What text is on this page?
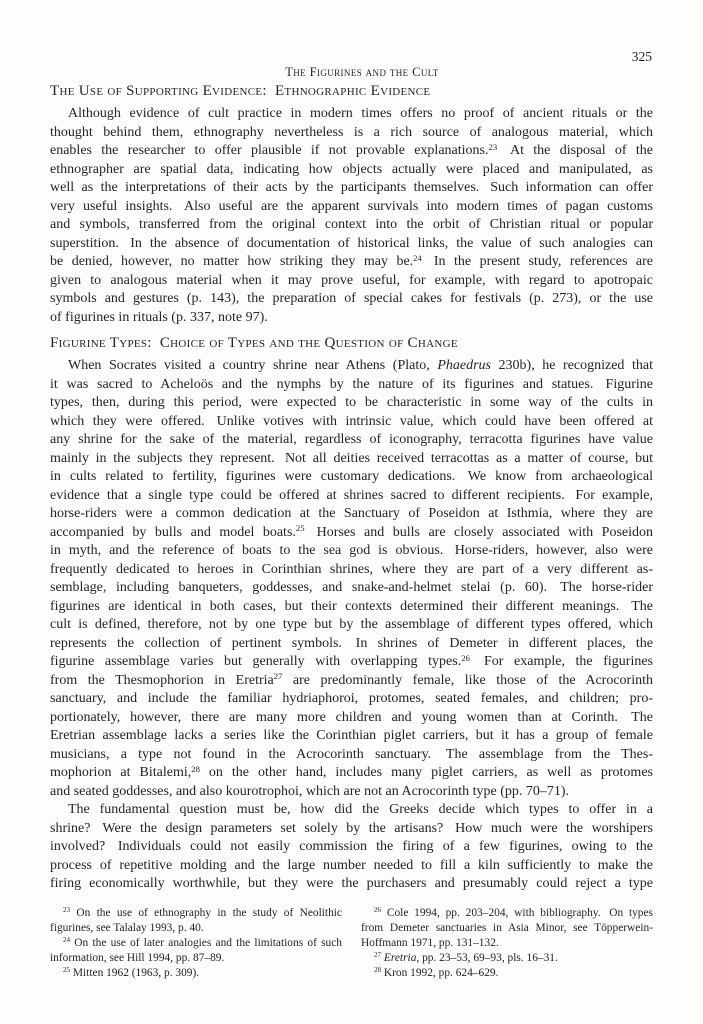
The Figurines and the Cult

325

The Use of Supporting Evidence:  Ethnographic Evidence
Although evidence of cult practice in modern times offers no proof of ancient rituals or the
thought behind them, ethnography nevertheless is a rich source of analogous material, which
enables the researcher to offer plausible if not provable explanations.$^{23}$  At the disposal of the
ethnographer are spatial data, indicating how objects actually were placed and manipulated, as
well as the interpretations of their acts by the participants themselves.  Such information can offer
very useful insights.  Also useful are the apparent survivals into modern times of pagan customs
and symbols, transferred from the original context into the orbit of Christian ritual or popular
superstition.  In the absence of documentation of historical links, the value of such analogies can
be denied, however, no matter how striking they may be.$^{24}$  In the present study, references are
given to analogous material when it may prove useful, for example, with regard to apotropaic
symbols and gestures (p. 143), the preparation of special cakes for festivals (p. 273), or the use
of figurines in rituals (p. 337, note 97).
Figurine Types:  Choice of Types and the Question of Change
When Socrates visited a country shrine near Athens (Plato, Phaedrus 230b), he recognized that
it was sacred to Acheloös and the nymphs by the nature of its figurines and statues.  Figurine
types, then, during this period, were expected to be characteristic in some way of the cults in
which they were offered.  Unlike votives with intrinsic value, which could have been offered at
any shrine for the sake of the material, regardless of iconography, terracotta figurines have value
mainly in the subjects they represent.  Not all deities received terracottas as a matter of course, but
in cults related to fertility, figurines were customary dedications.  We know from archaeological
evidence that a single type could be offered at shrines sacred to different recipients.  For example,
horse-riders were a common dedication at the Sanctuary of Poseidon at Isthmia, where they are
accompanied by bulls and model boats.$^{25}$  Horses and bulls are closely associated with Poseidon
in myth, and the reference of boats to the sea god is obvious.  Horse-riders, however, also were
frequently dedicated to heroes in Corinthian shrines, where they are part of a very different as-
semblage, including banqueters, goddesses, and snake-and-helmet stelai (p. 60).  The horse-rider
figurines are identical in both cases, but their contexts determined their different meanings.  The
cult is defined, therefore, not by one type but by the assemblage of different types offered, which
represents the collection of pertinent symbols.  In shrines of Demeter in different places, the
figurine assemblage varies but generally with overlapping types.$^{26}$  For example, the figurines
from the Thesmophorion in Eretria$^{27}$ are predominantly female, like those of the Acrocorinth
sanctuary, and include the familiar hydriaphoroi, protomes, seated females, and children; pro-
portionately, however, there are many more children and young women than at Corinth.  The
Eretrian assemblage lacks a series like the Corinthian piglet carriers, but it has a group of female
musicians, a type not found in the Acrocorinth sanctuary.  The assemblage from the Thes-
mophorion at Bitalemi,$^{28}$ on the other hand, includes many piglet carriers, as well as protomes
and seated goddesses, and also kourotrophoi, which are not an Acrocorinth type (pp. 70–71).
The fundamental question must be, how did the Greeks decide which types to offer in a
shrine?  Were the design parameters set solely by the artisans?  How much were the worshipers
involved?  Individuals could not easily commission the firing of a few figurines, owing to the
process of repetitive molding and the large number needed to fill a kiln sufficiently to make the
firing economically worthwhile, but they were the purchasers and presumably could reject a type
$^{23}$ On the use of ethnography in the study of Neolithic
figurines, see Talalay 1993, p. 40.
$^{24}$ On the use of later analogies and the limitations of such
information, see Hill 1994, pp. 87–89.
$^{25}$ Mitten 1962 (1963, p. 309).
$^{26}$ Cole 1994, pp. 203–204, with bibliography.  On types
from Demeter sanctuaries in Asia Minor, see Töpperwein-
Hoffmann 1971, pp. 131–132.
$^{27}$ Eretria, pp. 23–53, 69–93, pls. 16–31.
$^{28}$ Kron 1992, pp. 624–629.
